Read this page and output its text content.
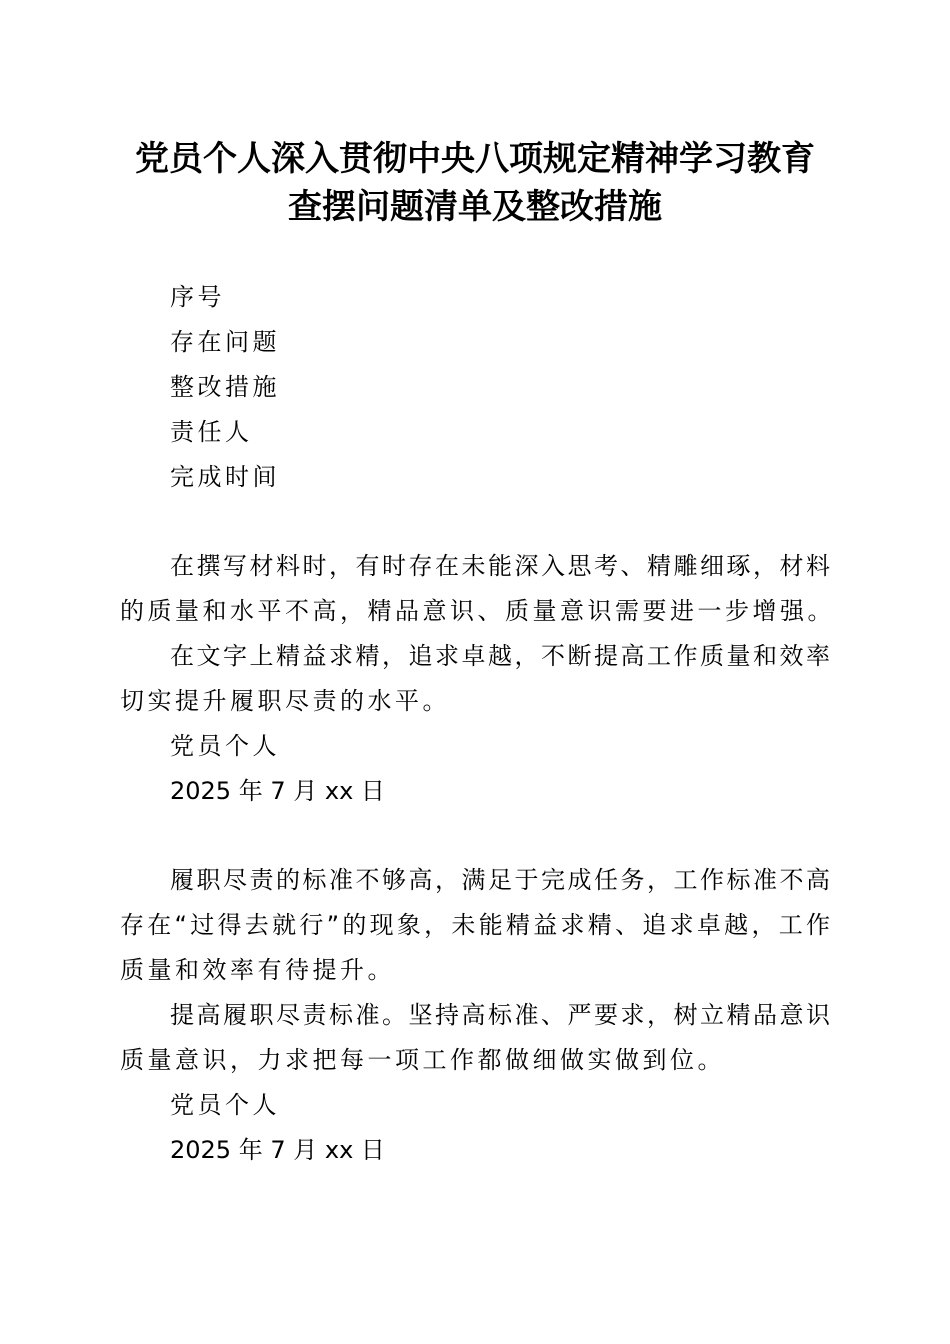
党员个人深入贯彻中央八项规定精神学习教育
查摆问题清单及整改措施
序号
存在问题
整改措施
责任人
完成时间
在撰写材料时，有时存在未能深入思考、精雕细琢，材料
的质量和水平不高，精品意识、质量意识需要进一步增强。
在文字上精益求精，追求卓越，不断提高工作质量和效率
切实提升履职尽责的水平。
党员个人
2025 年 7 月 xx 日
履职尽责的标准不够高，满足于完成任务，工作标准不高
存在“过得去就行”的现象，未能精益求精、追求卓越，工作
质量和效率有待提升。
提高履职尽责标准。坚持高标准、严要求，树立精品意识
质量意识，力求把每一项工作都做细做实做到位。
党员个人
2025 年 7 月 xx 日
